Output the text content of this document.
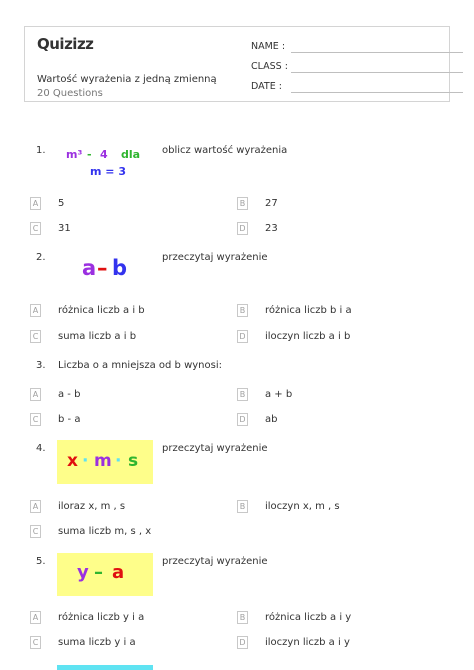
Quizizz
Wartość wyrażenia z jedną zmienną
20 Questions
NAME :
CLASS :
DATE :
1. m³ - 4 dla
m = 3
oblicz wartość wyrażenia
A 5	B 27
C 31	D 23
2. a – b	przeczytaj wyrażenie
A różnica liczb a i b	B różnica liczb b i a
C suma liczb a i b	D iloczyn liczb a i b
3. Liczba o a mniejsza od b wynosi:
A a - b	B a + b
C b - a	D ab
4.
x · m · s
przeczytaj wyrażenie
A iloraz x, m , s	B iloczyn x, m , s
C suma liczb m, s , x
5.
y – a
przeczytaj wyrażenie
A różnica liczb y i a	B różnica liczb a i y
C suma liczb y i a	D iloczyn liczb a i y
